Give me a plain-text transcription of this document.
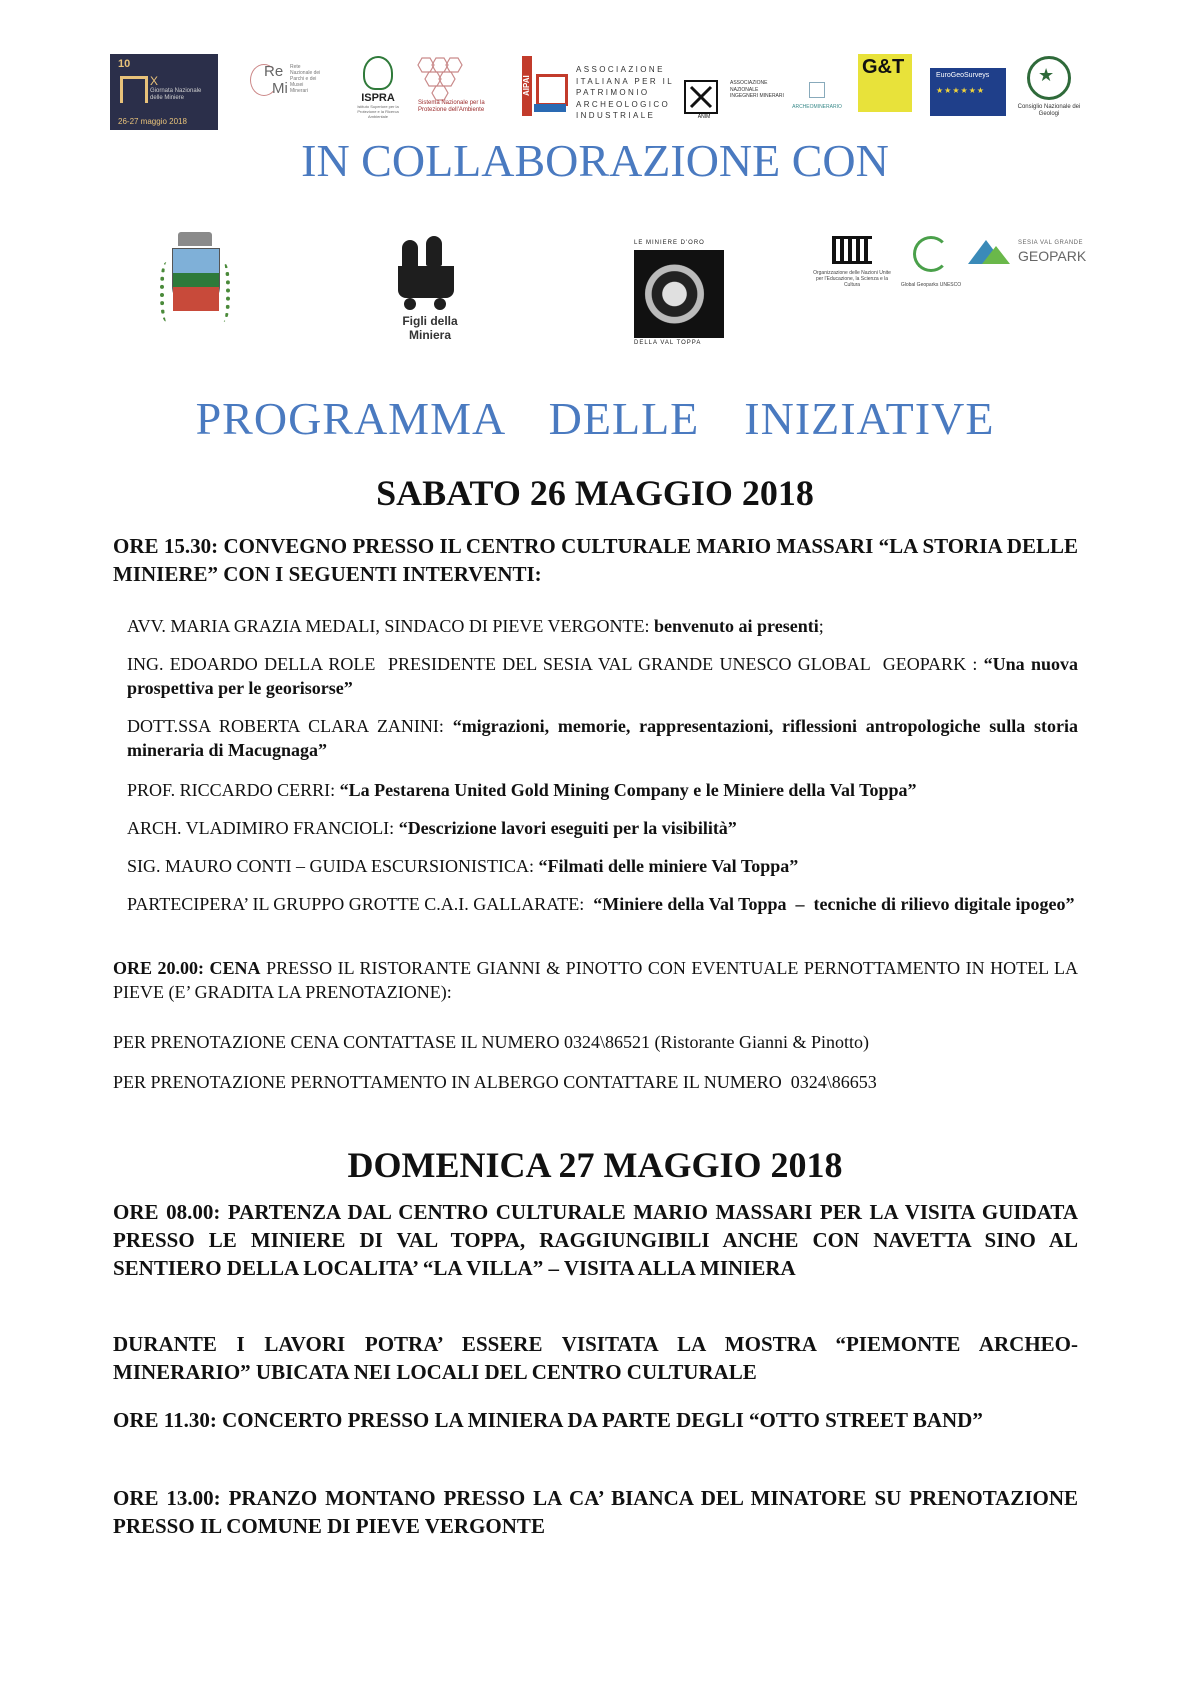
10
X
Giornata Nazionale delle Miniere
26-27 maggio 2018
Re
Mi
Rete Nazionale dei Parchi e dei Musei Minerari
ISPRA
Istituto Superiore per la Protezione e la Ricerca Ambientale
Sistema Nazionale per la Protezione dell'Ambiente
AIPAI
ASSOCIAZIONE ITALIANA PER IL PATRIMONIO ARCHEOLOGICO INDUSTRIALE	ANIM
ASSOCIAZIONE NAZIONALE INGEGNERI MINERARI
ARCHEOMINERARIO
G&T	EuroGeoSurveys
★★★★★★
★
Consiglio Nazionale dei Geologi
IN COLLABORAZIONE CON
Figli della
Miniera
LE MINIERE D'ORO
DELLA VAL TOPPA
Organizzazione delle Nazioni Unite per l'Educazione, la Scienza e la Cultura	Global Geoparks UNESCO
SESIA VAL GRANDE
GEOPARK
PROGRAMMA  DELLE  INIZIATIVE
SABATO 26 MAGGIO 2018
ORE 15.30: CONVEGNO PRESSO IL CENTRO CULTURALE MARIO MASSARI “LA STORIA DELLE MINIERE” CON I SEGUENTI INTERVENTI:
AVV. MARIA GRAZIA MEDALI, SINDACO DI PIEVE VERGONTE: benvenuto ai presenti;
ING. EDOARDO DELLA ROLE  PRESIDENTE DEL SESIA VAL GRANDE UNESCO GLOBAL  GEOPARK : “Una nuova prospettiva per le georisorse”
DOTT.SSA ROBERTA CLARA ZANINI: “migrazioni, memorie, rappresentazioni, riflessioni antropologiche sulla storia mineraria di Macugnaga”
PROF. RICCARDO CERRI: “La Pestarena United Gold Mining Company e le Miniere della Val Toppa”
ARCH. VLADIMIRO FRANCIOLI: “Descrizione lavori eseguiti per la visibilità”
SIG. MAURO CONTI – GUIDA ESCURSIONISTICA: “Filmati delle miniere Val Toppa”
PARTECIPERA’ IL GRUPPO GROTTE C.A.I. GALLARATE:  “Miniere della Val Toppa  –  tecniche di rilievo digitale ipogeo”
ORE 20.00: CENA PRESSO IL RISTORANTE GIANNI & PINOTTO CON EVENTUALE PERNOTTAMENTO IN HOTEL LA PIEVE (E’ GRADITA LA PRENOTAZIONE):
PER PRENOTAZIONE CENA CONTATTASE IL NUMERO 0324\86521 (Ristorante Gianni & Pinotto)
PER PRENOTAZIONE PERNOTTAMENTO IN ALBERGO CONTATTARE IL NUMERO  0324\86653
DOMENICA 27 MAGGIO 2018
ORE 08.00: PARTENZA DAL CENTRO CULTURALE MARIO MASSARI PER LA VISITA GUIDATA PRESSO LE MINIERE DI VAL TOPPA, RAGGIUNGIBILI ANCHE CON NAVETTA SINO AL SENTIERO DELLA LOCALITA’ “LA VILLA” – VISITA ALLA MINIERA
DURANTE I LAVORI POTRA’ ESSERE VISITATA LA MOSTRA “PIEMONTE ARCHEO-MINERARIO” UBICATA NEI LOCALI DEL CENTRO CULTURALE
ORE 11.30: CONCERTO PRESSO LA MINIERA DA PARTE DEGLI “OTTO STREET BAND”
ORE 13.00: PRANZO MONTANO PRESSO LA CA’ BIANCA DEL MINATORE SU PRENOTAZIONE PRESSO IL COMUNE DI PIEVE VERGONTE
